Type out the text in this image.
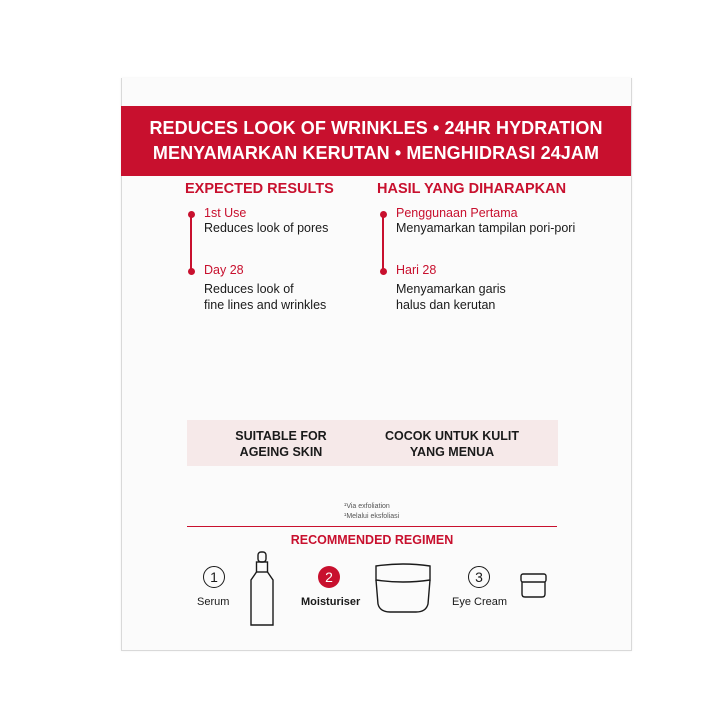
REDUCES LOOK OF WRINKLES • 24HR HYDRATION
MENYAMARKAN KERUTAN • MENGHIDRASI 24JAM
EXPECTED RESULTS
1st Use
Reduces look of pores
Day 28
Reduces look of
fine lines and wrinkles
HASIL YANG DIHARAPKAN
Penggunaan Pertama
Menyamarkan tampilan pori-pori
Hari 28
Menyamarkan garis
halus dan kerutan
SUITABLE FOR
AGEING SKIN
COCOK UNTUK KULIT
YANG MENUA
¹Via exfoliation
¹Melalui eksfoliasi
RECOMMENDED REGIMEN
1
Serum
2
Moisturiser
3
Eye Cream
